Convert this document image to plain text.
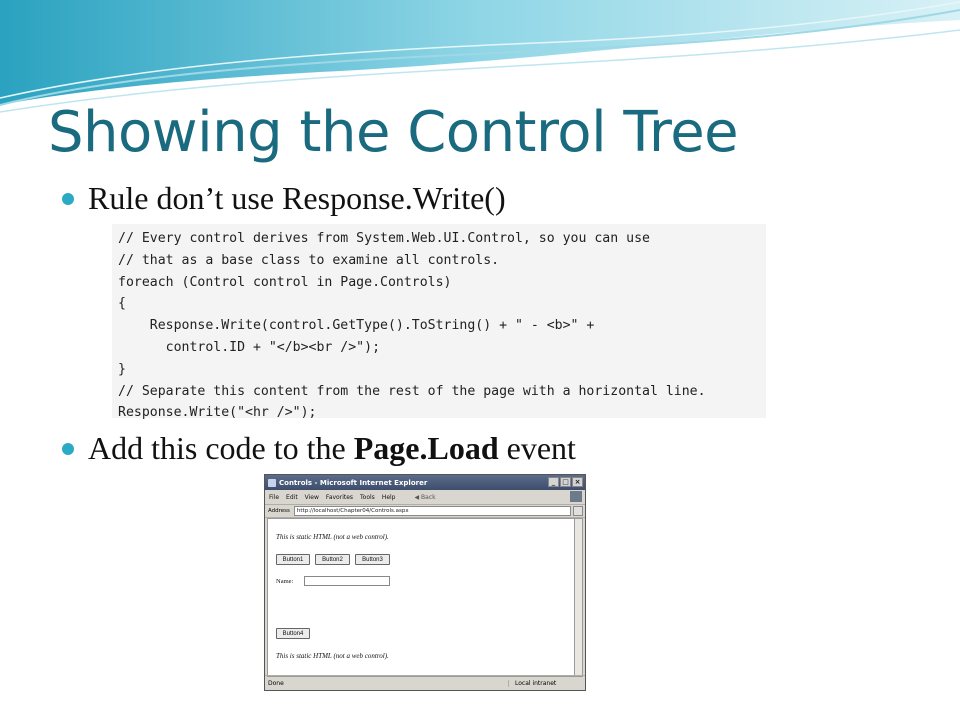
Showing the Control Tree
Rule don’t use Response.Write()
// Every control derives from System.Web.UI.Control, so you can use
// that as a base class to examine all controls.
foreach (Control control in Page.Controls)
{
Response.Write(control.GetType().ToString() + " - <b>" +
control.ID + "</b><br />");
}
// Separate this content from the rest of the page with a horizontal line.
Response.Write("<hr />");
Add this code to the Page.Load event
Controls - Microsoft Internet Explorer	_ □ ×
File Edit View Favorites Tools Help	◀ Back
Address	http://localhost/Chapter04/Controls.aspx
This is static HTML (not a web control).
Button1	Button2	Button3
Name:
Button4
This is static HTML (not a web control).
Done	Local intranet
